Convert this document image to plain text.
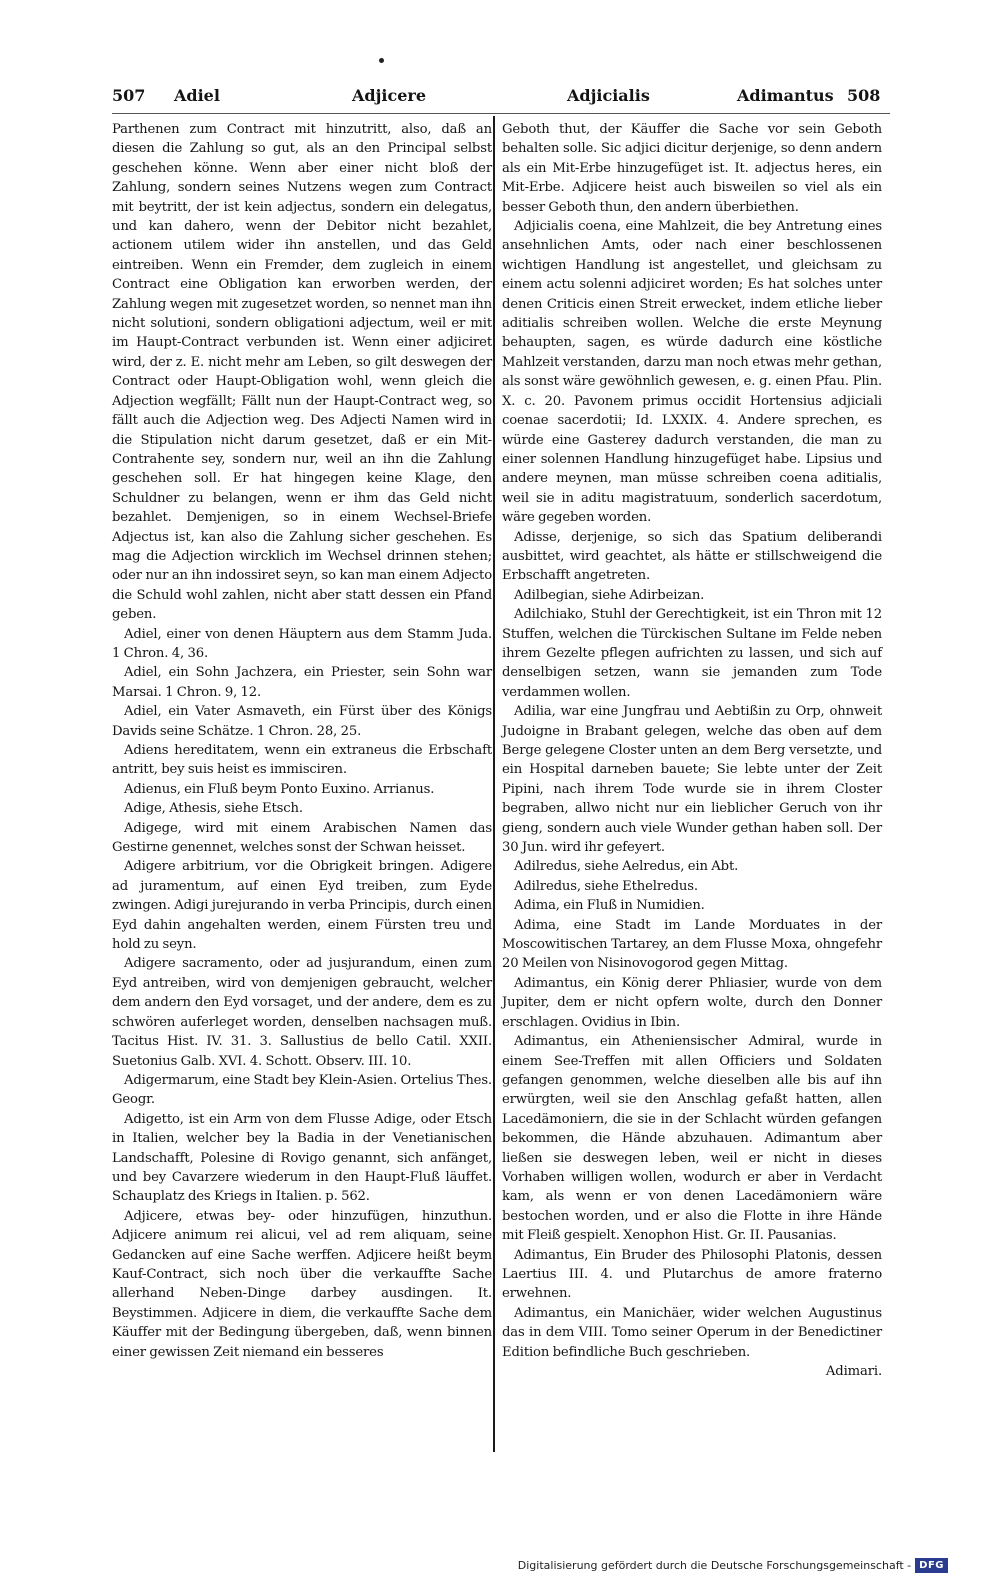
507 Adiel	Adjicere	Adjicialis	Adimantus 508

Parthenen zum Contract mit hinzutritt, also, daß an diesen die Zahlung so gut, als an den Principal selbst geschehen könne. Wenn aber einer nicht bloß der Zahlung, sondern seines Nutzens wegen zum Contract mit beytritt, der ist kein adjectus, sondern ein delegatus, und kan dahero, wenn der Debitor nicht bezahlet, actionem utilem wider ihn anstellen, und das Geld eintreiben. Wenn ein Fremder, dem zugleich in einem Contract eine Obligation kan erworben werden, der Zahlung wegen mit zugesetzet worden, so nennet man ihn nicht solutioni, sondern obligationi adjectum, weil er mit im Haupt-Contract verbunden ist. Wenn einer adjiciret wird, der z. E. nicht mehr am Leben, so gilt deswegen der Contract oder Haupt-Obligation wohl, wenn gleich die Adjection wegfällt; Fällt nun der Haupt-Contract weg, so fällt auch die Adjection weg. Des Adjecti Namen wird in die Stipulation nicht darum gesetzet, daß er ein Mit-Contrahente sey, sondern nur, weil an ihn die Zahlung geschehen soll. Er hat hingegen keine Klage, den Schuldner zu belangen, wenn er ihm das Geld nicht bezahlet. Demjenigen, so in einem Wechsel-Briefe Adjectus ist, kan also die Zahlung sicher geschehen. Es mag die Adjection wircklich im Wechsel drinnen stehen; oder nur an ihn indossiret seyn, so kan man einem Adjecto die Schuld wohl zahlen, nicht aber statt dessen ein Pfand geben.

Adiel, einer von denen Häuptern aus dem Stamm Juda. 1 Chron. 4, 36.

Adiel, ein Sohn Jachzera, ein Priester, sein Sohn war Marsai. 1 Chron. 9, 12.

Adiel, ein Vater Asmaveth, ein Fürst über des Königs Davids seine Schätze. 1 Chron. 28, 25.

Adiens hereditatem, wenn ein extraneus die Erbschaft antritt, bey suis heist es immisciren.

Adienus, ein Fluß beym Ponto Euxino. Arrianus.

Adige, Athesis, siehe Etsch.

Adigege, wird mit einem Arabischen Namen das Gestirne genennet, welches sonst der Schwan heisset.

Adigere arbitrium, vor die Obrigkeit bringen. Adigere ad juramentum, auf einen Eyd treiben, zum Eyde zwingen. Adigi jurejurando in verba Principis, durch einen Eyd dahin angehalten werden, einem Fürsten treu und hold zu seyn.

Adigere sacramento, oder ad jusjurandum, einen zum Eyd antreiben, wird von demjenigen gebraucht, welcher dem andern den Eyd vorsaget, und der andere, dem es zu schwören auferleget worden, denselben nachsagen muß. Tacitus Hist. IV. 31. 3. Sallustius de bello Catil. XXII. Suetonius Galb. XVI. 4. Schott. Observ. III. 10.

Adigermarum, eine Stadt bey Klein-Asien. Ortelius Thes. Geogr.

Adigetto, ist ein Arm von dem Flusse Adige, oder Etsch in Italien, welcher bey la Badia in der Venetianischen Landschafft, Polesine di Rovigo genannt, sich anfänget, und bey Cavarzere wiederum in den Haupt-Fluß läuffet. Schauplatz des Kriegs in Italien. p. 562.

Adjicere, etwas bey- oder hinzufügen, hinzuthun. Adjicere animum rei alicui, vel ad rem aliquam, seine Gedancken auf eine Sache werffen. Adjicere heißt beym Kauf-Contract, sich noch über die verkauffte Sache allerhand Neben-Dinge darbey ausdingen. It. Beystimmen. Adjicere in diem, die verkauffte Sache dem Käuffer mit der Bedingung übergeben, daß, wenn binnen einer gewissen Zeit niemand ein besseres

Geboth thut, der Käuffer die Sache vor sein Geboth behalten solle. Sic adjici dicitur derjenige, so denn andern als ein Mit-Erbe hinzugefüget ist. It. adjectus heres, ein Mit-Erbe. Adjicere heist auch bisweilen so viel als ein besser Geboth thun, den andern überbiethen.

Adjicialis coena, eine Mahlzeit, die bey Antretung eines ansehnlichen Amts, oder nach einer beschlossenen wichtigen Handlung ist angestellet, und gleichsam zu einem actu solenni adjiciret worden; Es hat solches unter denen Criticis einen Streit erwecket, indem etliche lieber aditialis schreiben wollen. Welche die erste Meynung behaupten, sagen, es würde dadurch eine köstliche Mahlzeit verstanden, darzu man noch etwas mehr gethan, als sonst wäre gewöhnlich gewesen, e. g. einen Pfau. Plin. X. c. 20. Pavonem primus occidit Hortensius adjiciali coenae sacerdotii; Id. LXXIX. 4. Andere sprechen, es würde eine Gasterey dadurch verstanden, die man zu einer solennen Handlung hinzugefüget habe. Lipsius und andere meynen, man müsse schreiben coena aditialis, weil sie in aditu magistratuum, sonderlich sacerdotum, wäre gegeben worden.

Adisse, derjenige, so sich das Spatium deliberandi ausbittet, wird geachtet, als hätte er stillschweigend die Erbschafft angetreten.

Adilbegian, siehe Adirbeizan.

Adilchiako, Stuhl der Gerechtigkeit, ist ein Thron mit 12 Stuffen, welchen die Türckischen Sultane im Felde neben ihrem Gezelte pflegen aufrichten zu lassen, und sich auf denselbigen setzen, wann sie jemanden zum Tode verdammen wollen.

Adilia, war eine Jungfrau und Aebtißin zu Orp, ohnweit Judoigne in Brabant gelegen, welche das oben auf dem Berge gelegene Closter unten an dem Berg versetzte, und ein Hospital darneben bauete; Sie lebte unter der Zeit Pipini, nach ihrem Tode wurde sie in ihrem Closter begraben, allwo nicht nur ein lieblicher Geruch von ihr gieng, sondern auch viele Wunder gethan haben soll. Der 30 Jun. wird ihr gefeyert.

Adilredus, siehe Aelredus, ein Abt.

Adilredus, siehe Ethelredus.

Adima, ein Fluß in Numidien.

Adima, eine Stadt im Lande Morduates in der Moscowitischen Tartarey, an dem Flusse Moxa, ohngefehr 20 Meilen von Nisinovogorod gegen Mittag.

Adimantus, ein König derer Phliasier, wurde von dem Jupiter, dem er nicht opfern wolte, durch den Donner erschlagen. Ovidius in Ibin.

Adimantus, ein Atheniensischer Admiral, wurde in einem See-Treffen mit allen Officiers und Soldaten gefangen genommen, welche dieselben alle bis auf ihn erwürgten, weil sie den Anschlag gefaßt hatten, allen Lacedämoniern, die sie in der Schlacht würden gefangen bekommen, die Hände abzuhauen. Adimantum aber ließen sie deswegen leben, weil er nicht in dieses Vorhaben willigen wollen, wodurch er aber in Verdacht kam, als wenn er von denen Lacedämoniern wäre bestochen worden, und er also die Flotte in ihre Hände mit Fleiß gespielt. Xenophon Hist. Gr. II. Pausanias.

Adimantus, Ein Bruder des Philosophi Platonis, dessen Laertius III. 4. und Plutarchus de amore fraterno erwehnen.

Adimantus, ein Manichäer, wider welchen Augustinus das in dem VIII. Tomo seiner Operum in der Benedictiner Edition befindliche Buch geschrieben.

Adimari.

Digitalisierung gefördert durch die Deutsche Forschungsgemeinschaft - DFG
